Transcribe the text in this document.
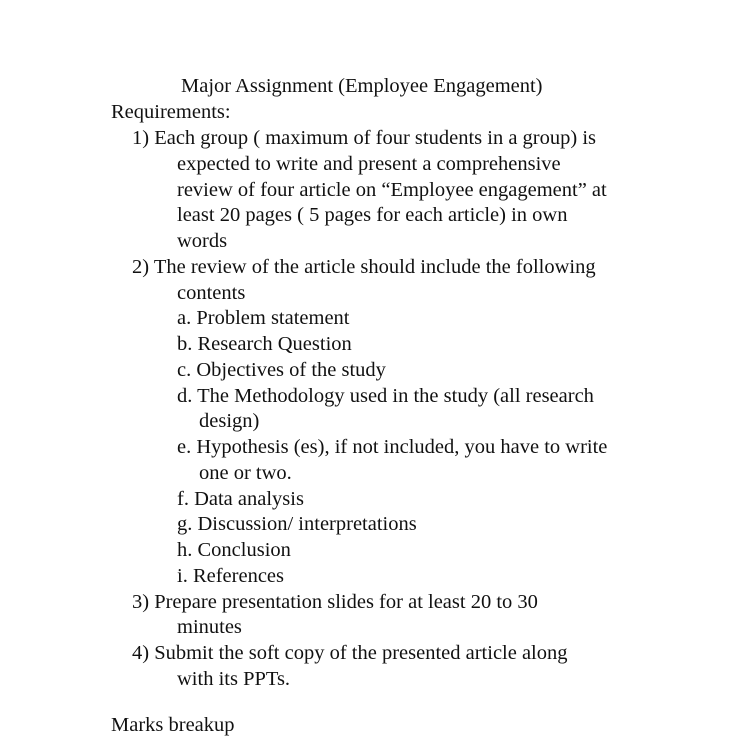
Major Assignment (Employee Engagement)
Requirements:
1) Each group ( maximum of four students in a group) is
expected to write and present a comprehensive
review of four article on “Employee engagement” at
least 20 pages ( 5 pages for each article) in own
words
2) The review of the article should include the following
contents
a. Problem statement
b. Research Question
c. Objectives of the study
d. The Methodology used in the study (all research
design)
e. Hypothesis (es), if not included, you have to write
one or two.
f. Data analysis
g. Discussion/ interpretations
h. Conclusion
i. References
3) Prepare presentation slides for at least 20 to 30
minutes
4) Submit the soft copy of the presented article along
with its PPTs.
Marks breakup
